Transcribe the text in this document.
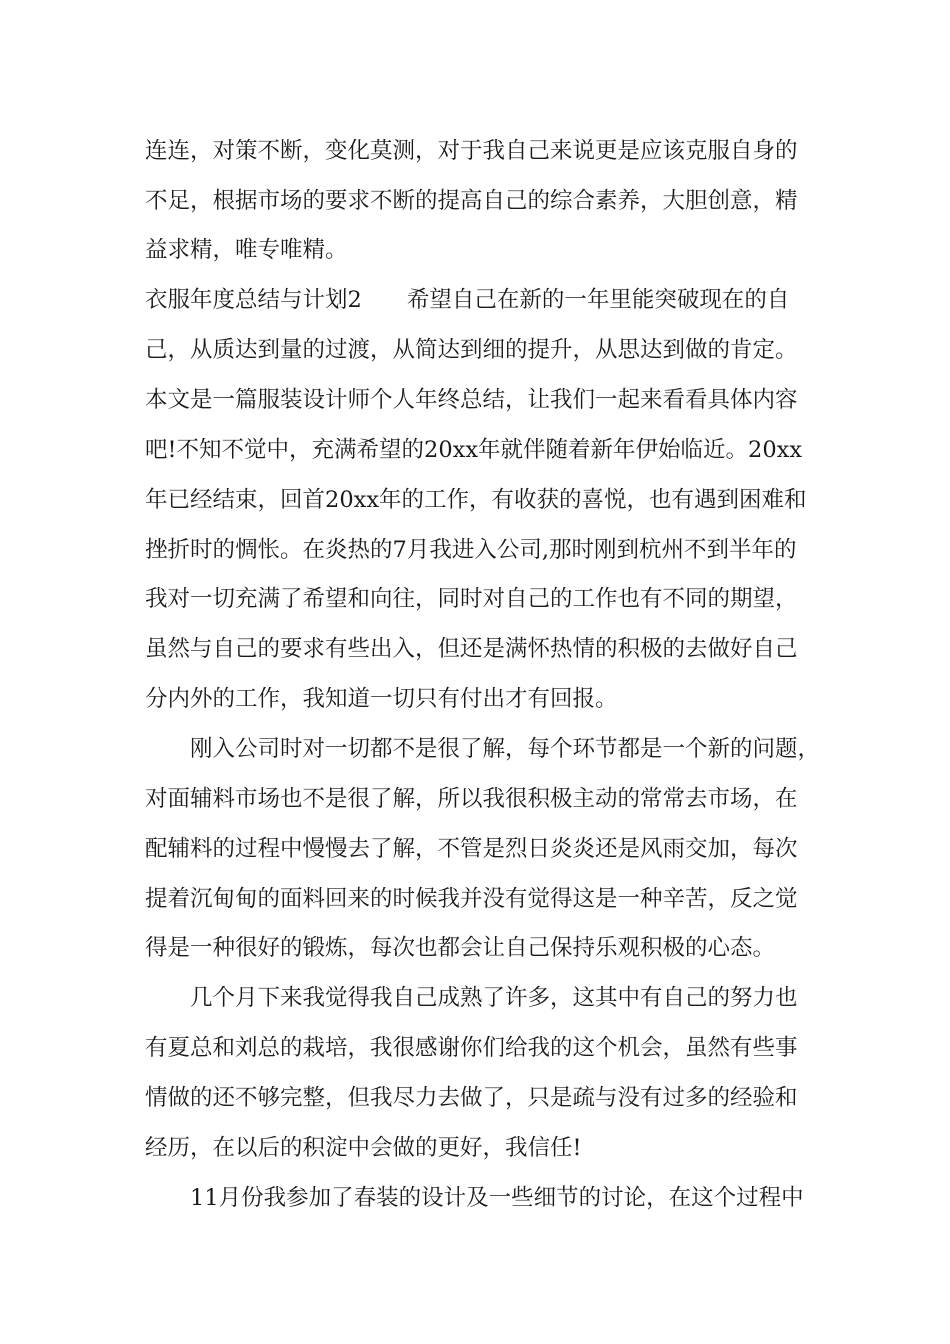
连连，对策不断，变化莫测，对于我自己来说更是应该克服自身的
不足，根据市场的要求不断的提高自己的综合素养，大胆创意，精
益求精，唯专唯精。
衣服年度总结与计划2　　希望自己在新的一年里能突破现在的自
己，从质达到量的过渡，从简达到细的提升，从思达到做的肯定。
本文是一篇服装设计师个人年终总结，让我们一起来看看具体内容
吧!不知不觉中，充满希望的20xx年就伴随着新年伊始临近。20xx
年已经结束，回首20xx年的工作，有收获的喜悦，也有遇到困难和
挫折时的惆怅。在炎热的7月我进入公司,那时刚到杭州不到半年的
我对一切充满了希望和向往，同时对自己的工作也有不同的期望，
虽然与自己的要求有些出入，但还是满怀热情的积极的去做好自己
分内外的工作，我知道一切只有付出才有回报。
刚入公司时对一切都不是很了解，每个环节都是一个新的问题，
对面辅料市场也不是很了解，所以我很积极主动的常常去市场，在
配辅料的过程中慢慢去了解，不管是烈日炎炎还是风雨交加，每次
提着沉甸甸的面料回来的时候我并没有觉得这是一种辛苦，反之觉
得是一种很好的锻炼，每次也都会让自己保持乐观积极的心态。
几个月下来我觉得我自己成熟了许多，这其中有自己的努力也
有夏总和刘总的栽培，我很感谢你们给我的这个机会，虽然有些事
情做的还不够完整，但我尽力去做了，只是疏与没有过多的经验和
经历，在以后的积淀中会做的更好，我信任!
11月份我参加了春装的设计及一些细节的讨论，在这个过程中
